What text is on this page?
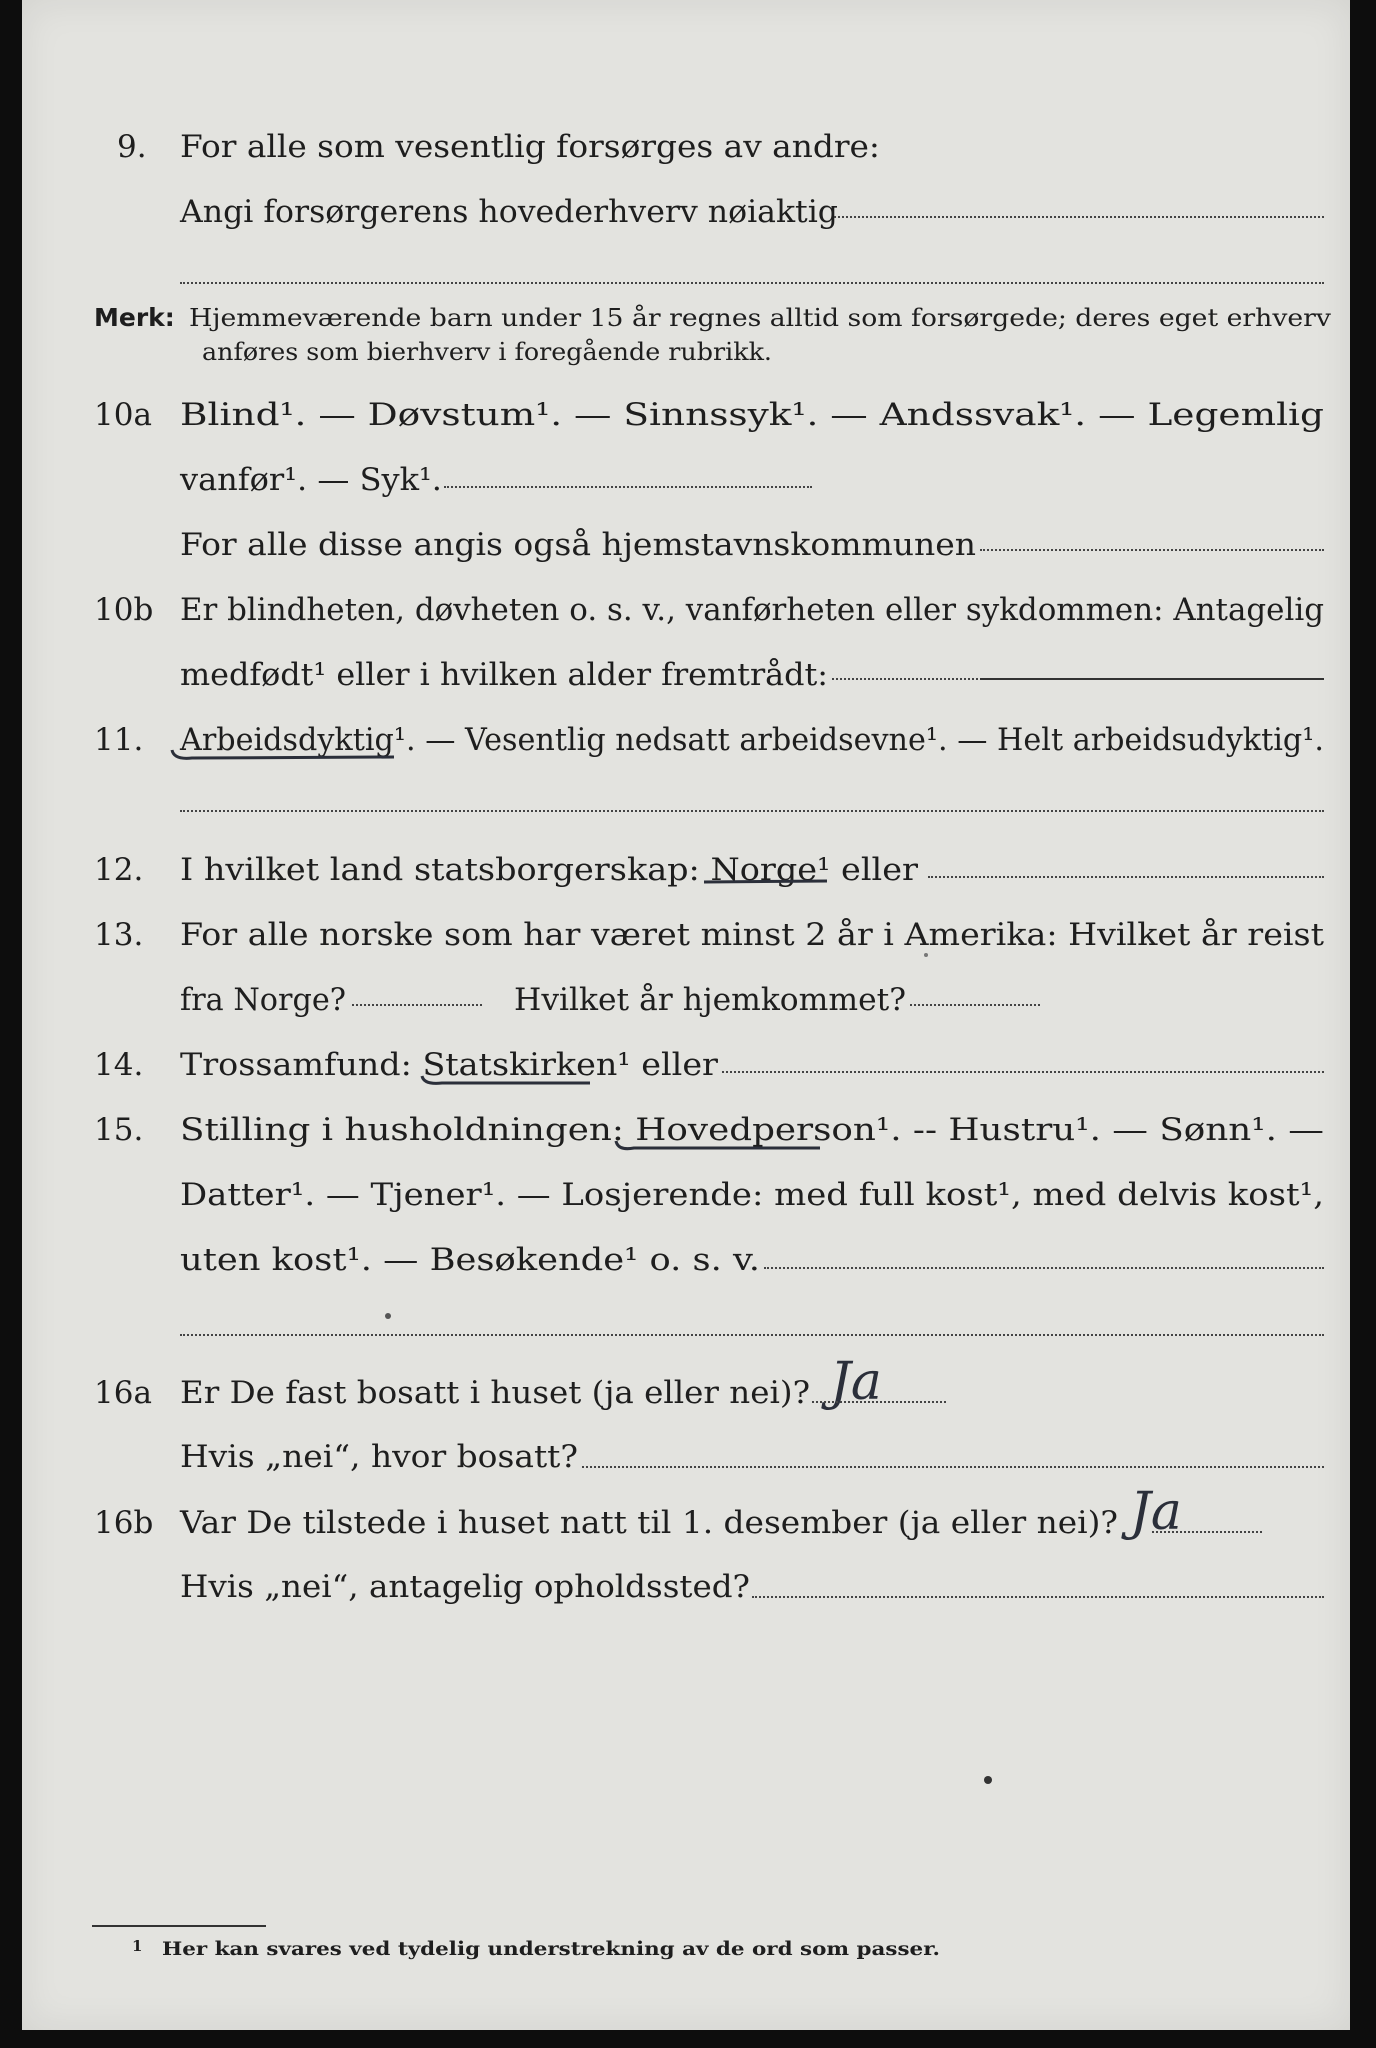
9. For alle som vesentlig forsørges av andre:
Angi forsørgerens hovederhverv nøiaktig
Merk: Hjemmeværende barn under 15 år regnes alltid som forsørgede; deres eget erhverv
anføres som bierhverv i foregående rubrikk.
10a Blind¹. — Døvstum¹. — Sinnssyk¹. — Andssvak¹. — Legemlig
vanfør¹. — Syk¹.
For alle disse angis også hjemstavnskommunen
10b Er blindheten, døvheten o. s. v., vanførheten eller sykdommen: Antagelig
medfødt¹ eller i hvilken alder fremtrådt:
11. Arbeidsdyktig¹. — Vesentlig nedsatt arbeidsevne¹. — Helt arbeidsudyktig¹.
12. I hvilket land statsborgerskap: Norge¹ eller
13. For alle norske som har været minst 2 år i Amerika: Hvilket år reist
fra Norge?	Hvilket år hjemkommet?
14. Trossamfund: Statskirken¹ eller
15. Stilling i husholdningen: Hovedperson¹. -- Hustru¹. — Sønn¹. —
Datter¹. — Tjener¹. — Losjerende: med full kost¹, med delvis kost¹,
uten kost¹. — Besøkende¹ o. s. v.
16a Er De fast bosatt i huset (ja eller nei)? Ja
Hvis „nei“, hvor bosatt?
16b Var De tilstede i huset natt til 1. desember (ja eller nei)? Ja
Hvis „nei“, antagelig opholdssted?
1 Her kan svares ved tydelig understrekning av de ord som passer.
